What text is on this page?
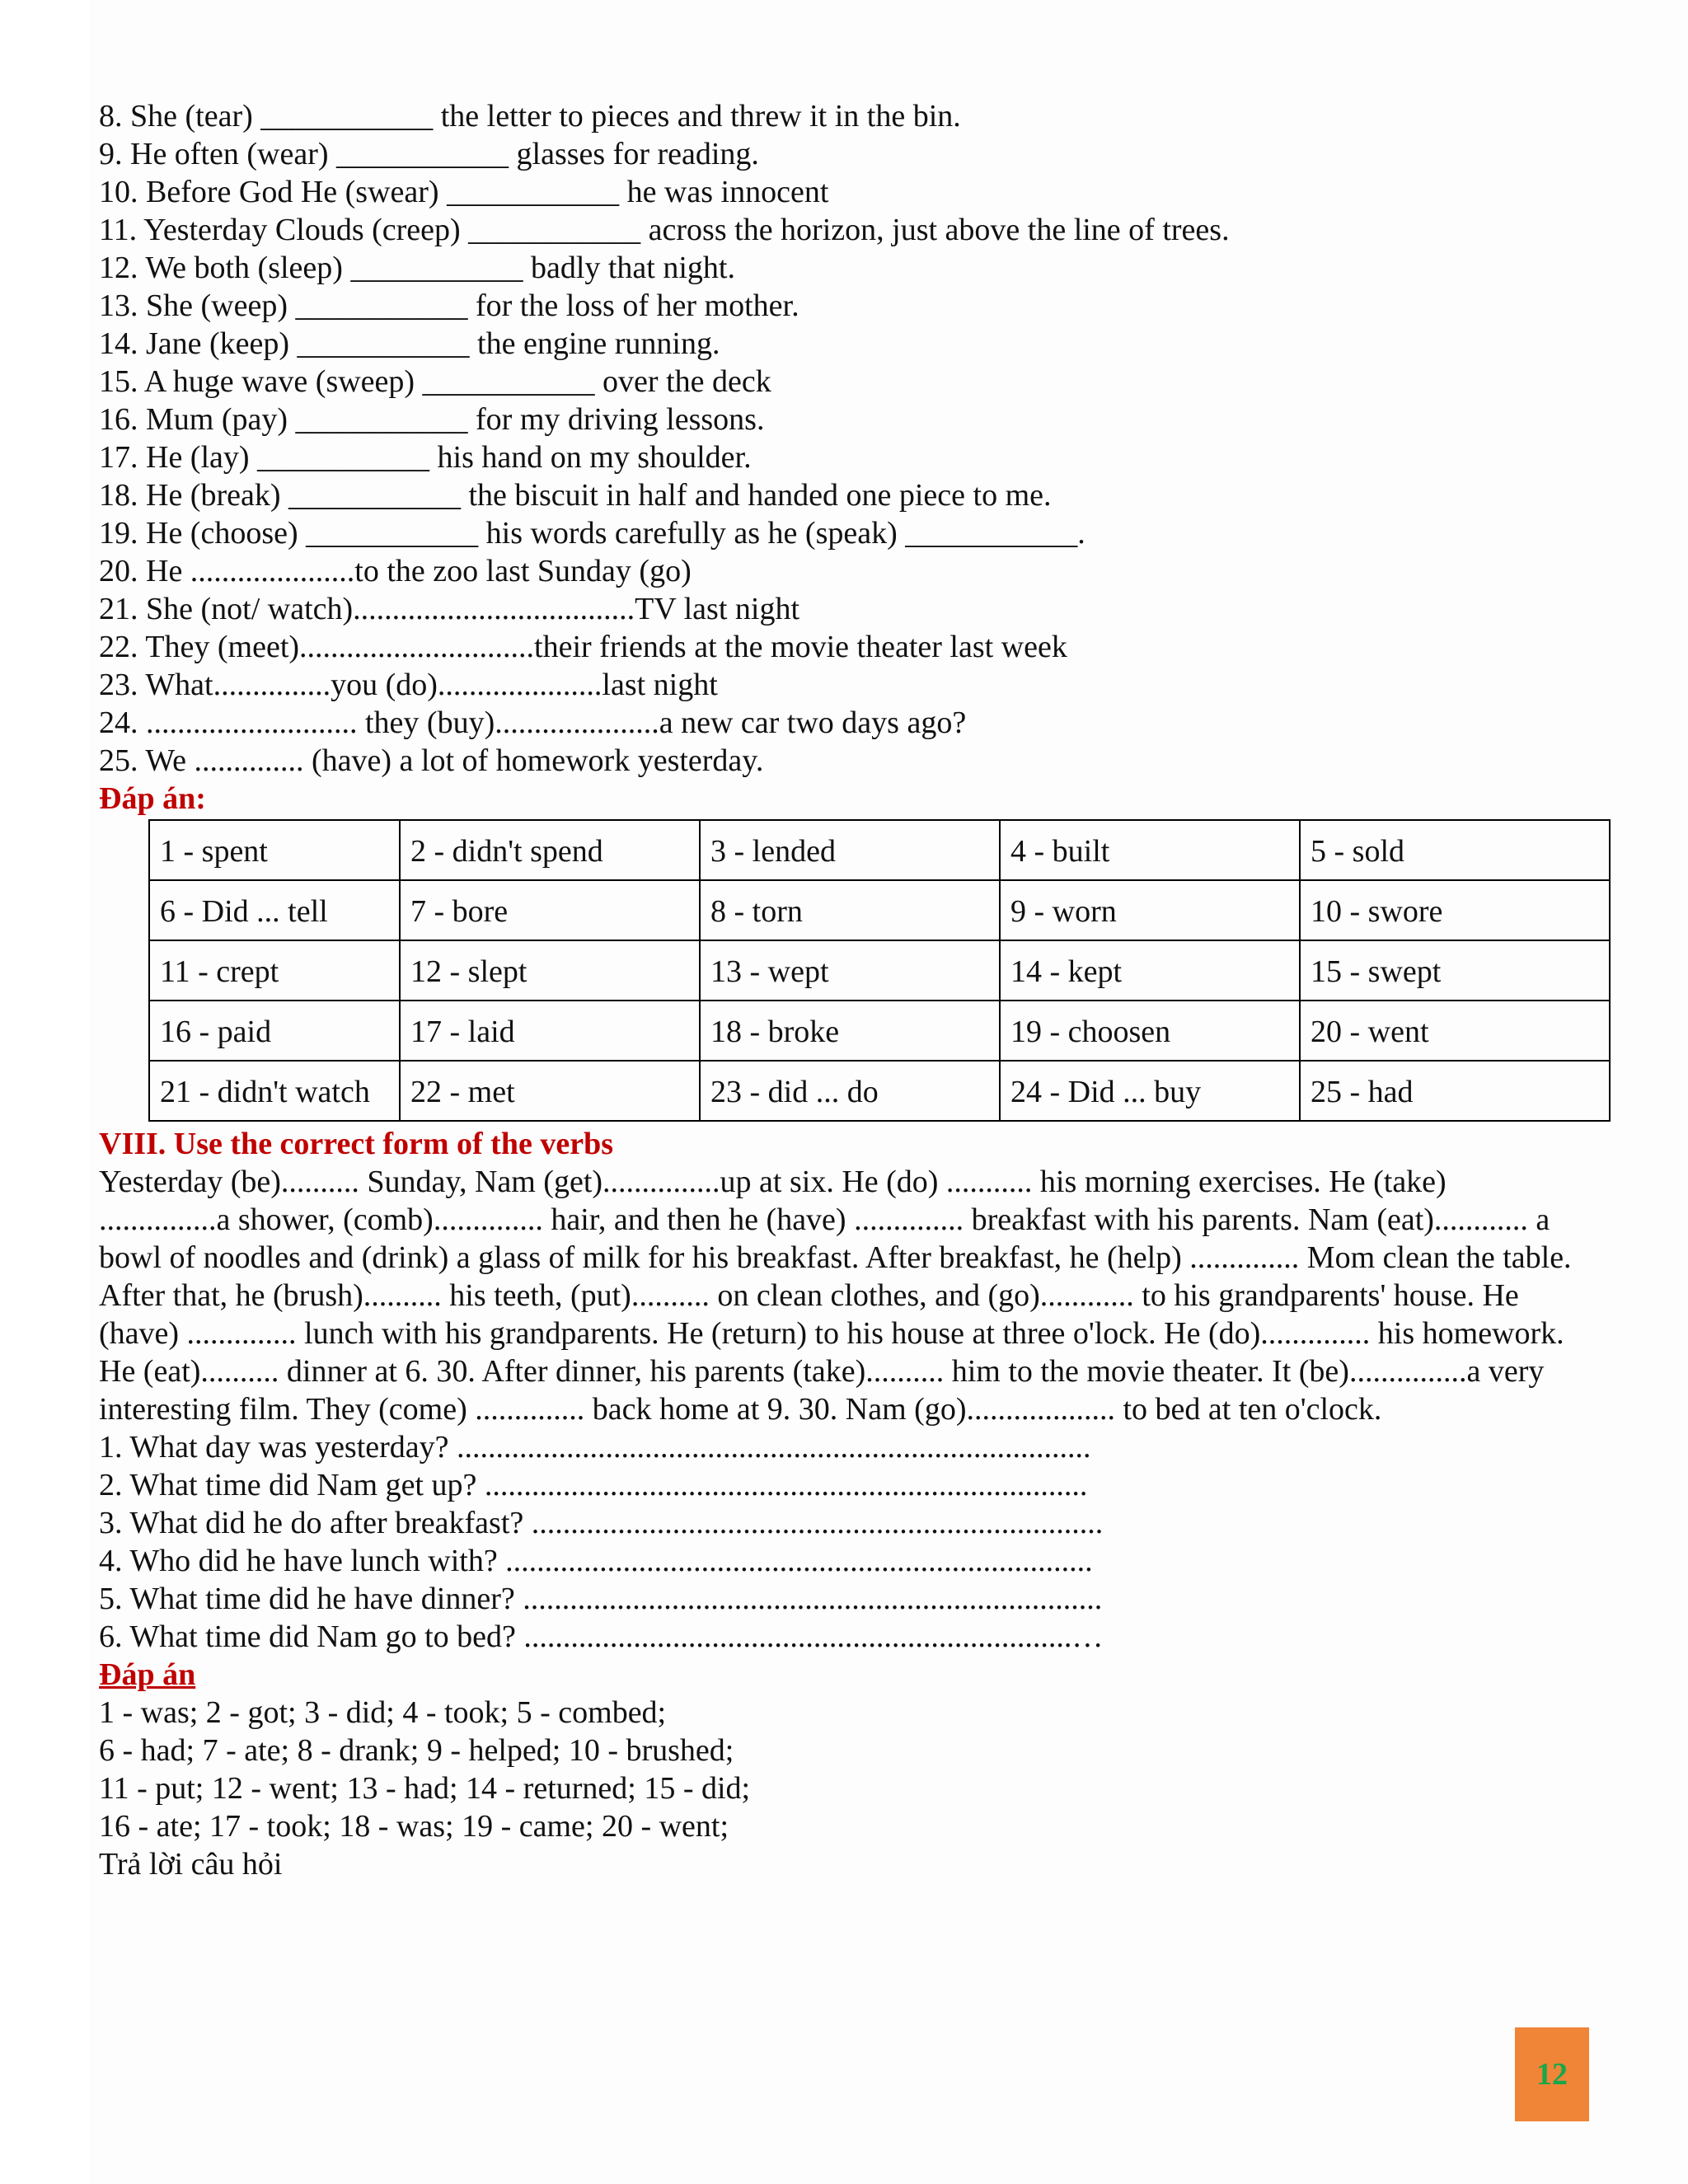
8. She (tear) ___________ the letter to pieces and threw it in the bin.
9. He often (wear) ___________ glasses for reading.
10. Before God He (swear) ___________ he was innocent
11. Yesterday Clouds (creep) ___________ across the horizon, just above the line of trees.
12. We both (sleep) ___________ badly that night.
13. She (weep) ___________ for the loss of her mother.
14. Jane (keep) ___________ the engine running.
15. A huge wave (sweep) ___________ over the deck
16. Mum (pay) ___________ for my driving lessons.
17. He (lay) ___________ his hand on my shoulder.
18. He (break) ___________ the biscuit in half and handed one piece to me.
19. He (choose) ___________ his words carefully as he (speak) ___________.
20. He .....................to the zoo last Sunday (go)
21. She (not/ watch)....................................TV last night
22. They (meet)..............................their friends at the movie theater last week
23. What...............you (do).....................last night
24. ........................... they (buy).....................a new car two days ago?
25. We .............. (have) a lot of homework yesterday.
Đáp án:
1 - spent	2 - didn't spend	3 - lended	4 - built	5 - sold
6 - Did ... tell	7 - bore	8 - torn	9 - worn	10 - swore
11 - crept	12 - slept	13 - wept	14 - kept	15 - swept
16 - paid	17 - laid	18 - broke	19 - choosen	20 - went
21 - didn't watch	22 - met	23 - did ... do	24 - Did ... buy	25 - had
VIII. Use the correct form of the verbs
Yesterday (be).......... Sunday, Nam (get)...............up at six. He (do) ........... his morning exercises. He (take) ...............a shower, (comb).............. hair, and then he (have) .............. breakfast with his parents. Nam (eat)............ a bowl of noodles and (drink) a glass of milk for his breakfast. After breakfast, he (help) .............. Mom clean the table. After that, he (brush).......... his teeth, (put).......... on clean clothes, and (go)............ to his grandparents' house. He (have) .............. lunch with his grandparents. He (return) to his house at three o'lock. He (do).............. his homework. He (eat).......... dinner at 6. 30. After dinner, his parents (take).......... him to the movie theater. It (be)...............a very interesting film. They (come) .............. back home at 9. 30. Nam (go)................... to bed at ten o'clock.
1. What day was yesterday? .................................................................................
2. What time did Nam get up? .............................................................................
3. What did he do after breakfast? .........................................................................
4. Who did he have lunch with? ...........................................................................
5. What time did he have dinner? ..........................................................................
6. What time did Nam go to bed? ......................................................................…
Đáp án
1 - was; 2 - got; 3 - did; 4 - took; 5 - combed;
6 - had; 7 - ate; 8 - drank; 9 - helped; 10 - brushed;
11 - put; 12 - went; 13 - had; 14 - returned; 15 - did;
16 - ate; 17 - took; 18 - was; 19 - came; 20 - went;
Trả lời câu hỏi
12
